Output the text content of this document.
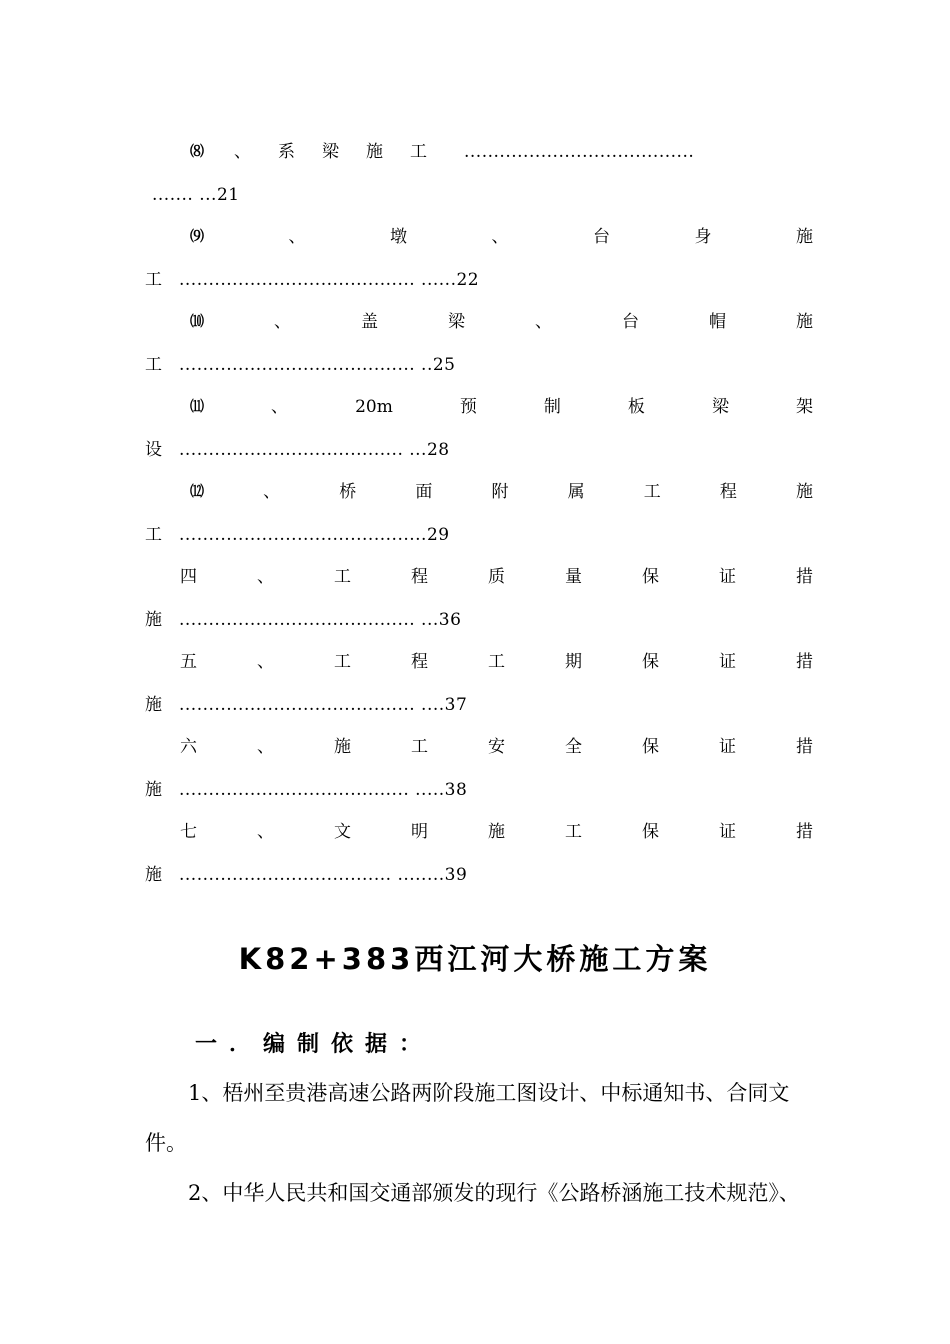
⑻ 、 系 梁 施 工 .......................................
....... ...21
⑼	、	墩	、	台	身	施
工 ........................................ ......22
⑽	、	盖	梁	、	台	帽	施
工 ........................................ ..25
⑾	、	20m	预	制	板	梁	架
设 ...................................... ...28
⑿	、	桥	面	附	属	工	程	施
工 ..........................................29
四	、	工	程	质	量	保	证	措
施 ........................................ ...36
五	、	工	程	工	期	保	证	措
施 ........................................ ....37
六	、	施	工	安	全	保	证	措
施 ....................................... .....38
七	、	文	明	施	工	保	证	措
施 .................................... ........39
K82+383西江河大桥施工方案
一．编制依据：
1、梧州至贵港高速公路两阶段施工图设计、中标通知书、合同文
件。
2、中华人民共和国交通部颁发的现行《公路桥涵施工技术规范》、
